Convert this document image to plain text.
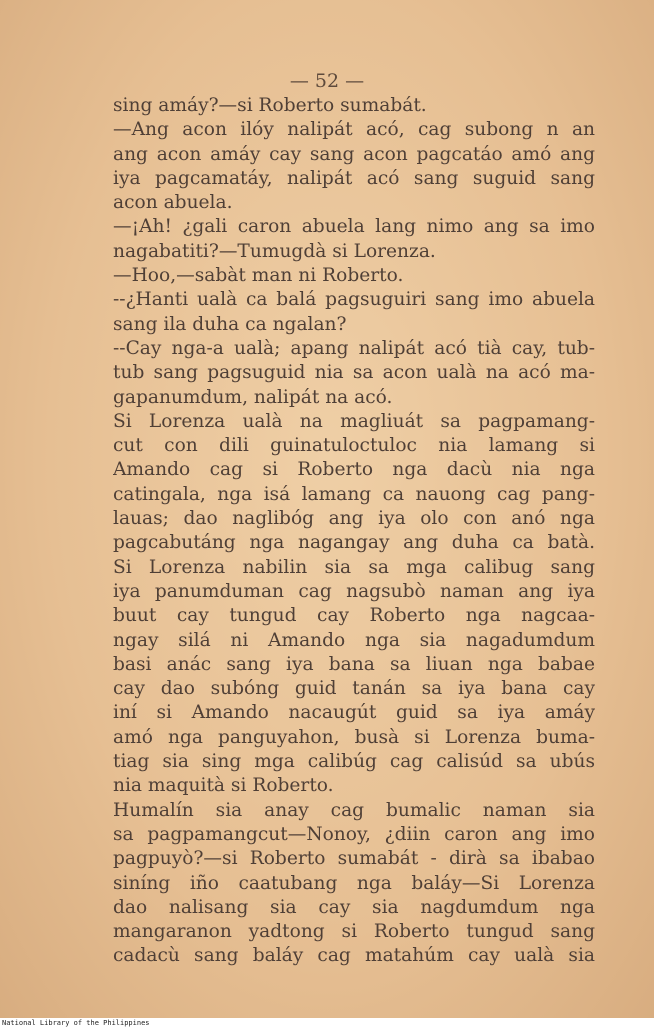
— 52 —

sing amáy?—si Roberto sumabát.
—Ang acon ilóy nalipát acó, cag subong n an
ang acon amáy cay sang acon pagcatáo amó ang
iya pagcamatáy, nalipát acó sang suguid sang
acon abuela.
—¡Ah! ¿gali caron abuela lang nimo ang sa imo
nagabatiti?—Tumugdà si Lorenza.
—Hoo,—sabàt man ni Roberto.
--¿Hanti ualà ca balá pagsuguiri sang imo abuela
sang ila duha ca ngalan?
--Cay nga-a ualà; apang nalipát acó tià cay, tub-
tub sang pagsuguid nia sa acon ualà na acó ma-
gapanumdum, nalipát na acó.
Si Lorenza ualà na magliuát sa pagpamang-
cut con dili guinatuloctuloc nia lamang si
Amando cag si Roberto nga dacù nia nga
catingala, nga isá lamang ca nauong cag pang-
lauas; dao naglibóg ang iya olo con anó nga
pagcabutáng nga nagangay ang duha ca batà.
Si Lorenza nabilin sia sa mga calibug sang
iya panumduman cag nagsubò naman ang iya
buut cay tungud cay Roberto nga nagcaa-
ngay silá ni Amando nga sia nagadumdum
basi anác sang iya bana sa liuan nga babae
cay dao subóng guid tanán sa iya bana cay
iní si Amando nacaugút guid sa iya amáy
amó nga panguyahon, busà si Lorenza buma-
tiag sia sing mga calibúg cag calisúd sa ubús
nia maquità si Roberto.
Humalín sia anay cag bumalic naman sia
sa pagpamangcut—Nonoy, ¿diin caron ang imo
pagpuyò?—si Roberto sumabát - dirà sa ibabao
siníng iño caatubang nga baláy—Si Lorenza
dao nalisang sia cay sia nagdumdum nga
mangaranon yadtong si Roberto tungud sang
cadacù sang baláy cag matahúm cay ualà sia
National Library of the Philippines
